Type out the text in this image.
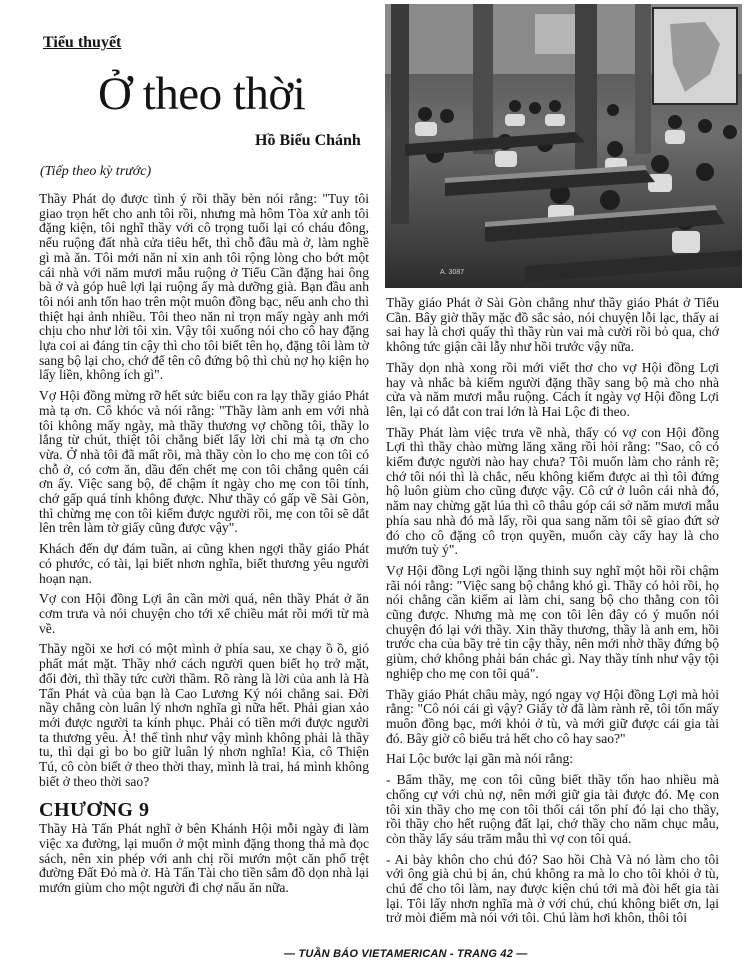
Tiểu thuyết
Ở theo thời
Hồ Biểu Chánh
(Tiếp theo kỳ trước)
A. 3087

Thầy Phát dọ được tình ý rồi thầy bèn nói rằng: "Tuy tôi giao trọn hết cho anh tôi rồi, nhưng mà hôm Tòa xử anh tôi đặng kiện, tôi nghĩ thầy với cô trọng tuổi lại có cháu đông, nếu ruộng đất nhà cửa tiêu hết, thì chỗ đâu mà ở, làm nghề gì mà ăn. Tôi mới năn nỉ xin anh tôi rộng lòng cho bớt một cái nhà với năm mươi mẫu ruộng ở Tiểu Cần đặng hai ông bà ở và góp huê lợi lại ruộng ấy mà dưỡng già. Bạn đầu anh tôi nói anh tốn hao trên một muôn đồng bạc, nếu anh cho thì thiệt hại ảnh nhiều. Tôi theo năn nỉ trọn mấy ngày anh mới chịu cho như lời tôi xin. Vậy tôi xuống nói cho cô hay đặng lựa coi ai đáng tin cậy thì cho tôi biết tên họ, đặng tôi làm tờ sang bộ lại cho, chớ để tên cô đứng bộ thì chủ nợ họ kiện họ lấy liền, không ích gì".

Vợ Hội đồng mừng rỡ hết sức biểu con ra lạy thầy giáo Phát mà tạ ơn. Cô khóc và nói rằng: "Thầy làm anh em với nhà tôi không mấy ngày, mà thầy thương vợ chồng tôi, thầy lo lắng từ chút, thiệt tôi chẳng biết lấy lời chi mà tạ ơn cho vừa. Ở nhà tôi đã mất rồi, mà thầy còn lo cho mẹ con tôi có chỗ ở, có cơm ăn, dầu đến chết mẹ con tôi chẳng quên cái ơn ấy. Việc sang bộ, để chậm ít ngày cho mẹ con tôi tính, chớ gấp quá tính không được. Như thầy có gấp về Sài Gòn, thì chừng mẹ con tôi kiếm được người rồi, mẹ con tôi sẽ dắt lên trên làm tờ giấy cũng được vậy".

Khách đến dự đám tuần, ai cũng khen ngợi thầy giáo Phát có phước, có tài, lại biết nhơn nghĩa, biết thương yêu người hoạn nạn.

Vợ con Hội đồng Lợi ân cần mời quá, nên thầy Phát ở ăn cơm trưa và nói chuyện cho tới xế chiều mát rồi mới từ mà về.

Thầy ngồi xe hơi có một mình ở phía sau, xe chạy ồ ồ, gió phất mát mặt. Thầy nhớ cách người quen biết họ trở mặt, đổi đời, thì thầy tức cười thầm. Rõ ràng là lời của anh là Hà Tấn Phát và của bạn là Cao Lương Ký nói chẳng sai. Đời nầy chẳng còn luân lý nhơn nghĩa gì nữa hết. Phải gian xảo mới được người ta kính phục. Phải có tiền mới được người ta thương yêu. À! thế tình như vậy mình không phải là thầy tu, thì dại gì bo bo giữ luân lý nhơn nghĩa! Kìa, cô Thiện Tú, cô còn biết ở theo thời thay, mình là trai, há mình không biết ở theo thời sao?

CHƯƠNG 9

Thầy Hà Tấn Phát nghĩ ở bên Khánh Hội mỗi ngày đi làm việc xa đường, lại muốn ở một mình đặng thong thả mà đọc sách, nên xin phép với anh chị rồi mướn một căn phố trệt đường Đất Đỏ mà ở. Hà Tấn Tài cho tiền sắm đồ dọn nhà lại mướn giùm cho một người đi chợ nấu ăn nữa.

Thầy giáo Phát ở Sài Gòn chẳng như thầy giáo Phát ở Tiểu Cần. Bây giờ thầy mặc đồ sắc sảo, nói chuyện lỗi lạc, thấy ai sai hay là chơi quấy thì thầy rùn vai mà cười rồi bỏ qua, chớ không tức giận cãi lẫy như hồi trước vậy nữa.

Thầy dọn nhà xong rồi mới viết thơ cho vợ Hội đồng Lợi hay và nhắc bà kiếm người đặng thầy sang bộ mà cho nhà cửa và năm mươi mẫu ruộng. Cách ít ngày vợ Hội đồng Lợi lên, lại có dắt con trai lớn là Hai Lộc đi theo.

Thầy Phát làm việc trưa về nhà, thấy có vợ con Hội đồng Lợi thì thầy chào mừng lăng xăng rồi hỏi rằng: "Sao, cô có kiếm được người nào hay chưa? Tôi muốn làm cho rảnh rẽ; chớ tôi nói thì là chắc, nếu không kiếm được ai thì tôi đứng hộ luôn giùm cho cũng được vậy. Cô cứ ở luôn cái nhà đó, năm nay chừng gặt lúa thì cô thâu góp cái sở năm mươi mẫu phía sau nhà đó mà lấy, rồi qua sang năm tôi sẽ giao đứt sở đó cho cô đặng cô trọn quyền, muốn cày cấy hay là cho mướn tuỳ ý".

Vợ Hội đồng Lợi ngồi lặng thinh suy nghĩ một hồi rồi chậm rãi nói rằng: "Việc sang bộ chẳng khó gì. Thầy có hỏi rồi, họ nói chẳng cần kiếm ai làm chi, sang bộ cho thằng con tôi cũng được. Nhưng mà mẹ con tôi lên đây có ý muốn nói chuyện đó lại với thầy. Xin thầy thương, thầy là anh em, hồi trước cha của bầy trẻ tin cậy thầy, nên mới nhờ thầy đứng bộ giùm, chớ không phải bán chác gì. Nay thầy tính như vậy tội nghiệp cho mẹ con tôi quá".

Thầy giáo Phát châu mày, ngó ngay vợ Hội đồng Lợi mà hỏi rằng: "Cô nói cái gì vậy? Giấy tờ đã làm rành rẽ, tôi tốn mấy muôn đồng bạc, mới khỏi ở tù, và mới giữ được cái gia tài đó. Bây giờ cô biểu trả hết cho cô hay sao?"

Hai Lộc bước lại gần mà nói rằng:

- Bẩm thầy, mẹ con tôi cũng biết thầy tốn hao nhiều mà chống cự với chủ nợ, nên mới giữ gia tài được đó. Mẹ con tôi xin thầy cho mẹ con tôi thối cái tốn phí đó lại cho thầy, rồi thầy cho hết ruộng đất lại, chớ thầy cho năm chục mẫu, còn thầy lấy sáu trăm mẫu thì vợ con tôi quá.

- Ai bày khôn cho chú đó? Sao hồi Chà Và nó làm cho tôi với ông già chú bị án, chú không ra mà lo cho tôi khỏi ở tù, chú để cho tôi làm, nay được kiện chú tới mà đòi hết gia tài lại. Tôi lấy nhơn nghĩa mà ở với chú, chú không biết ơn, lại trở mòi điểm mà nói với tôi. Chú làm hơi khôn, thôi tôi

— TUẦN BÁO VIETAMERICAN - TRANG 42 —
